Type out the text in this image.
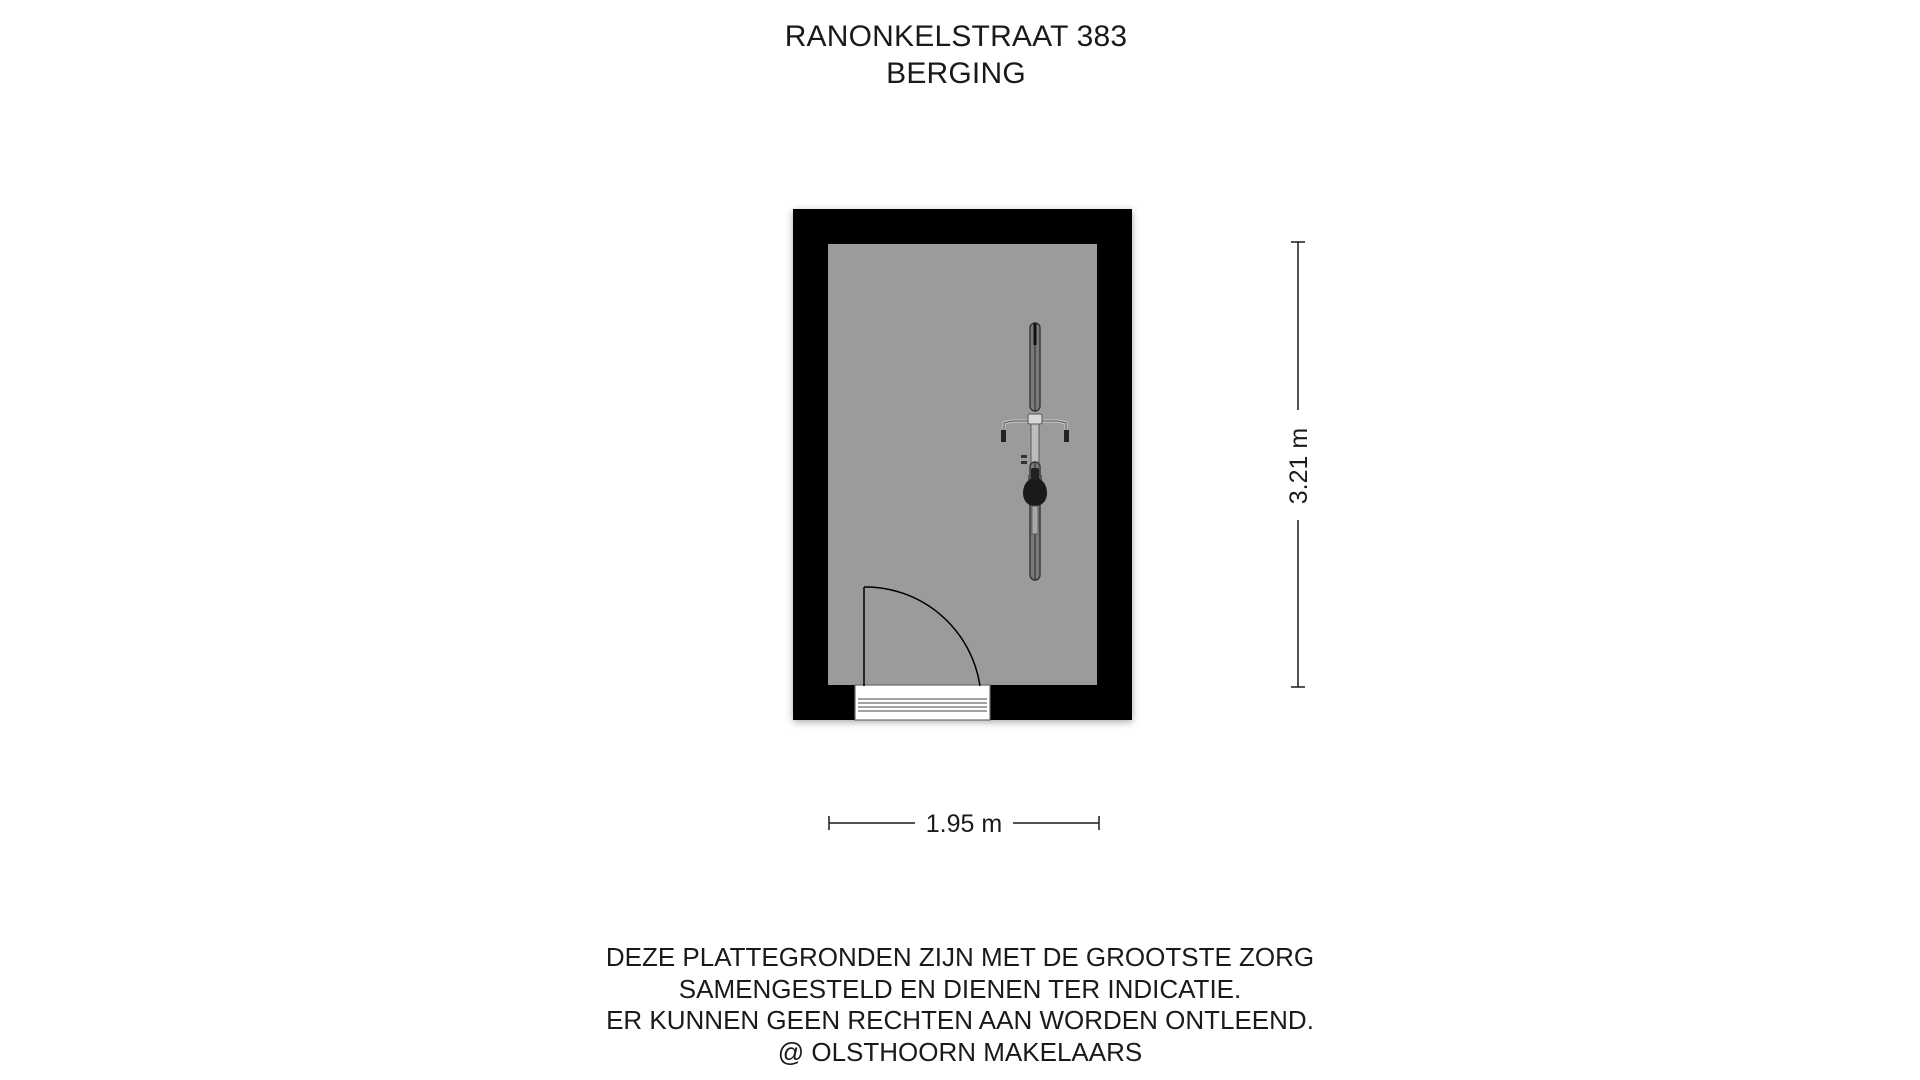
RANONKELSTRAAT 383
BERGING
3.21 m
1.95 m
DEZE PLATTEGRONDEN ZIJN MET DE GROOTSTE ZORG
SAMENGESTELD EN DIENEN TER INDICATIE.
ER KUNNEN GEEN RECHTEN AAN WORDEN ONTLEEND.
@ OLSTHOORN MAKELAARS
